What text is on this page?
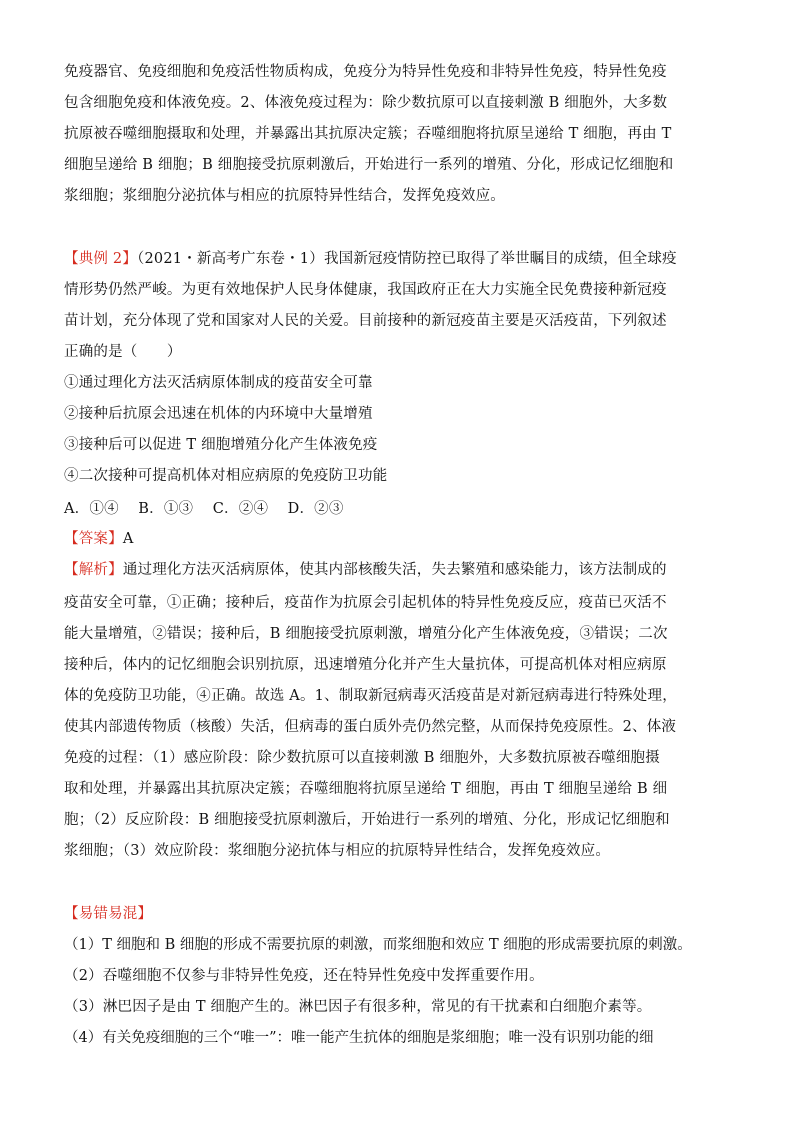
免疫器官、免疫细胞和免疫活性物质构成，免疫分为特异性免疫和非特异性免疫，特异性免疫
包含细胞免疫和体液免疫。2、体液免疫过程为：除少数抗原可以直接刺激 B 细胞外，大多数
抗原被吞噬细胞摄取和处理，并暴露出其抗原决定簇；吞噬细胞将抗原呈递给 T 细胞，再由 T
细胞呈递给 B 细胞；B 细胞接受抗原刺激后，开始进行一系列的增殖、分化，形成记忆细胞和
浆细胞；浆细胞分泌抗体与相应的抗原特异性结合，发挥免疫效应。
【典例 2】（2021・新高考广东卷・1）我国新冠疫情防控已取得了举世瞩目的成绩，但全球疫
情形势仍然严峻。为更有效地保护人民身体健康，我国政府正在大力实施全民免费接种新冠疫
苗计划，充分体现了党和国家对人民的关爱。目前接种的新冠疫苗主要是灭活疫苗，下列叙述
正确的是（　　）
①通过理化方法灭活病原体制成的疫苗安全可靠
②接种后抗原会迅速在机体的内环境中大量增殖
③接种后可以促进 T 细胞增殖分化产生体液免疫
④二次接种可提高机体对相应病原的免疫防卫功能
A．①④　 B．①③　 C．②④　 D．②③
【答案】A
【解析】通过理化方法灭活病原体，使其内部核酸失活，失去繁殖和感染能力，该方法制成的
疫苗安全可靠，①正确；接种后，疫苗作为抗原会引起机体的特异性免疫反应，疫苗已灭活不
能大量增殖，②错误；接种后，B 细胞接受抗原刺激，增殖分化产生体液免疫，③错误；二次
接种后，体内的记忆细胞会识别抗原，迅速增殖分化并产生大量抗体，可提高机体对相应病原
体的免疫防卫功能，④正确。故选 A。1、制取新冠病毒灭活疫苗是对新冠病毒进行特殊处理，
使其内部遗传物质（核酸）失活，但病毒的蛋白质外壳仍然完整，从而保持免疫原性。2、体液
免疫的过程：（1）感应阶段：除少数抗原可以直接刺激 B 细胞外，大多数抗原被吞噬细胞摄
取和处理，并暴露出其抗原决定簇；吞噬细胞将抗原呈递给 T 细胞，再由 T 细胞呈递给 B 细
胞；（2）反应阶段：B 细胞接受抗原刺激后，开始进行一系列的增殖、分化，形成记忆细胞和
浆细胞；（3）效应阶段：浆细胞分泌抗体与相应的抗原特异性结合，发挥免疫效应。
【易错易混】
（1）T 细胞和 B 细胞的形成不需要抗原的刺激，而浆细胞和效应 T 细胞的形成需要抗原的刺激。
（2）吞噬细胞不仅参与非特异性免疫，还在特异性免疫中发挥重要作用。
（3）淋巴因子是由 T 细胞产生的。淋巴因子有很多种，常见的有干扰素和白细胞介素等。
（4）有关免疫细胞的三个“唯一”：唯一能产生抗体的细胞是浆细胞；唯一没有识别功能的细
